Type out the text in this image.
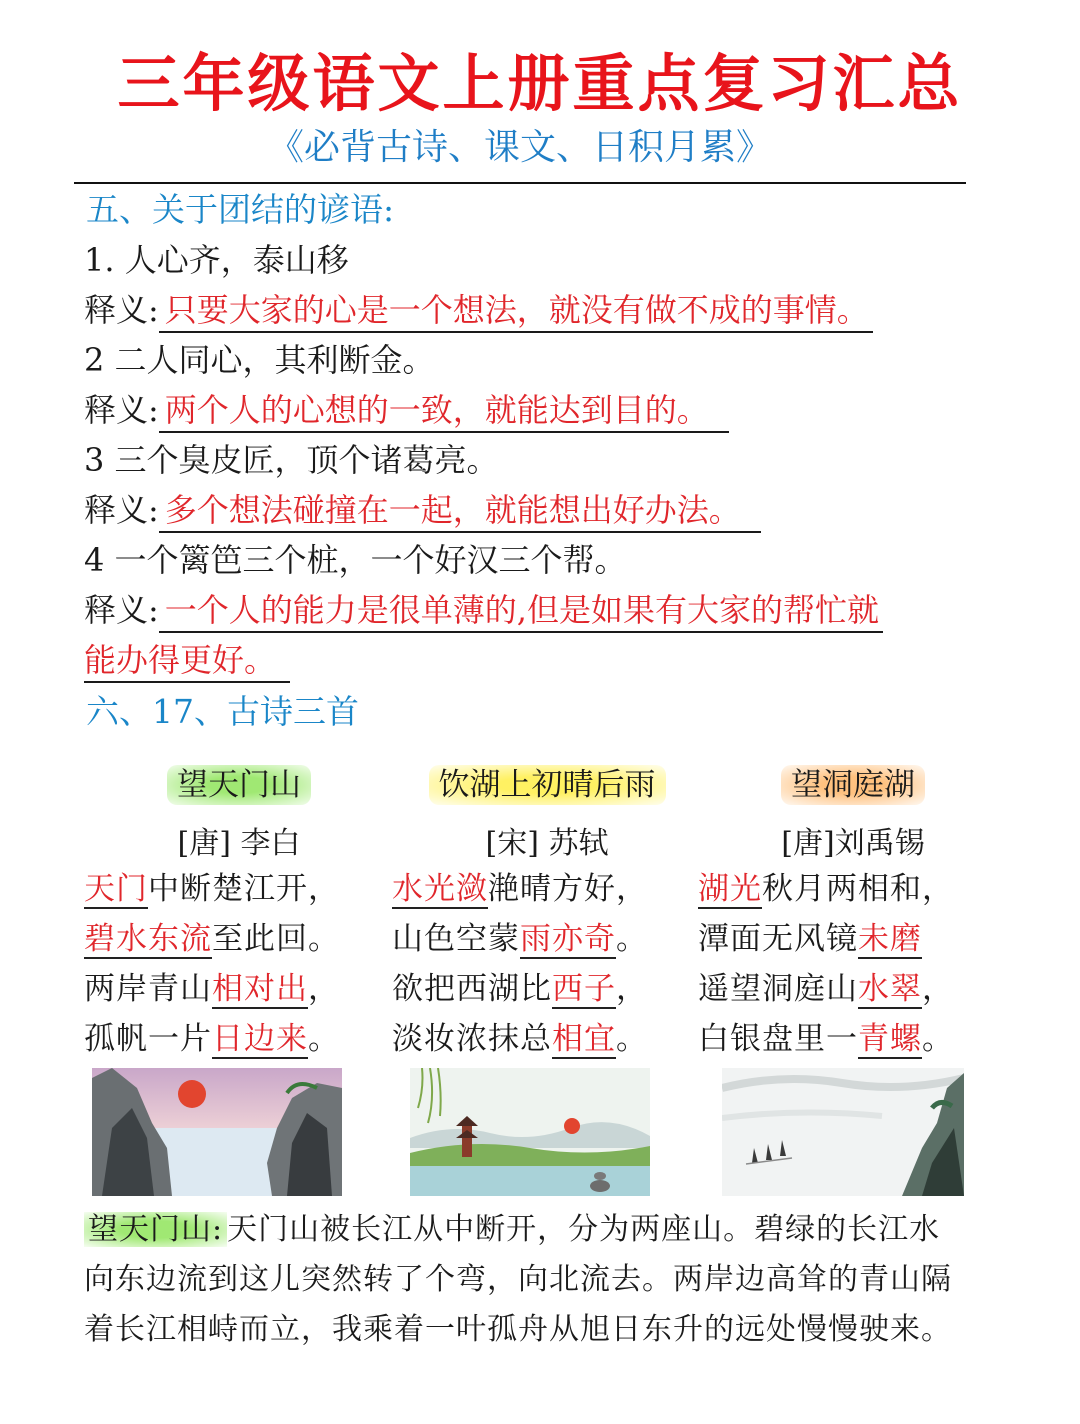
三年级语文上册重点复习汇总
《必背古诗、课文、日积月累》
五、关于团结的谚语:
1. 人心齐，泰山移
释义: 只要大家的心是一个想法，就没有做不成的事情。
2 二人同心，其利断金。
释义: 两个人的心想的一致，就能达到目的。
3 三个臭皮匠，顶个诸葛亮。
释义: 多个想法碰撞在一起，就能想出好办法。
4 一个篱笆三个桩，一个好汉三个帮。
释义: 一个人的能力是很单薄的,但是如果有大家的帮忙就
能办得更好。
六、17、古诗三首
望天门山
[唐] 李白
天门中断楚江开，
碧水东流至此回。
两岸青山相对出，
孤帆一片日边来。
饮湖上初晴后雨
[宋] 苏轼
水光潋滟晴方好，
山色空蒙雨亦奇。
欲把西湖比西子，
淡妆浓抹总相宜。
望洞庭湖
[唐]刘禹锡
湖光秋月两相和，
潭面无风镜未磨
遥望洞庭山水翠，
白银盘里一青螺。
望天门山: 天门山被长江从中断开，分为两座山。碧绿的长江水向东边流到这儿突然转了个弯，向北流去。两岸边高耸的青山隔着长江相峙而立，我乘着一叶孤舟从旭日东升的远处慢慢驶来。
